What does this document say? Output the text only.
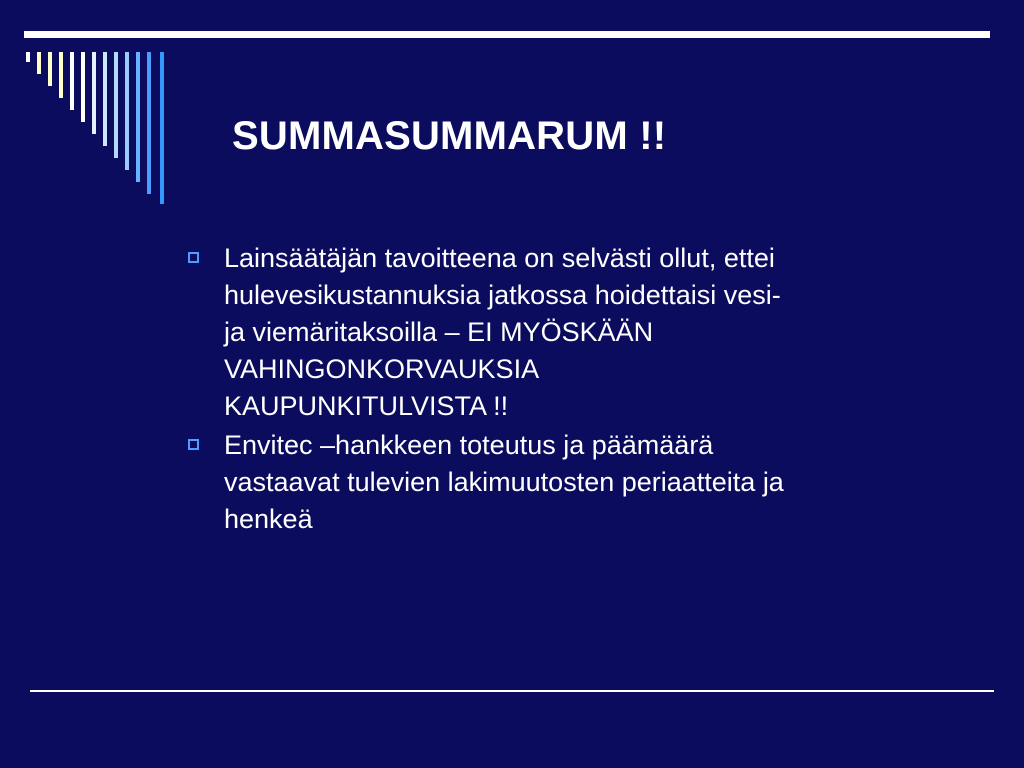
SUMMASUMMARUM !!
Lainsäätäjän tavoitteena on selvästi ollut, ettei
hulevesikustannuksia jatkossa hoidettaisi vesi-
ja viemäritaksoilla – EI MYÖSKÄÄN
VAHINGONKORVAUKSIA
KAUPUNKITULVISTA !!
Envitec –hankkeen toteutus ja päämäärä
vastaavat tulevien lakimuutosten periaatteita ja
henkeä
